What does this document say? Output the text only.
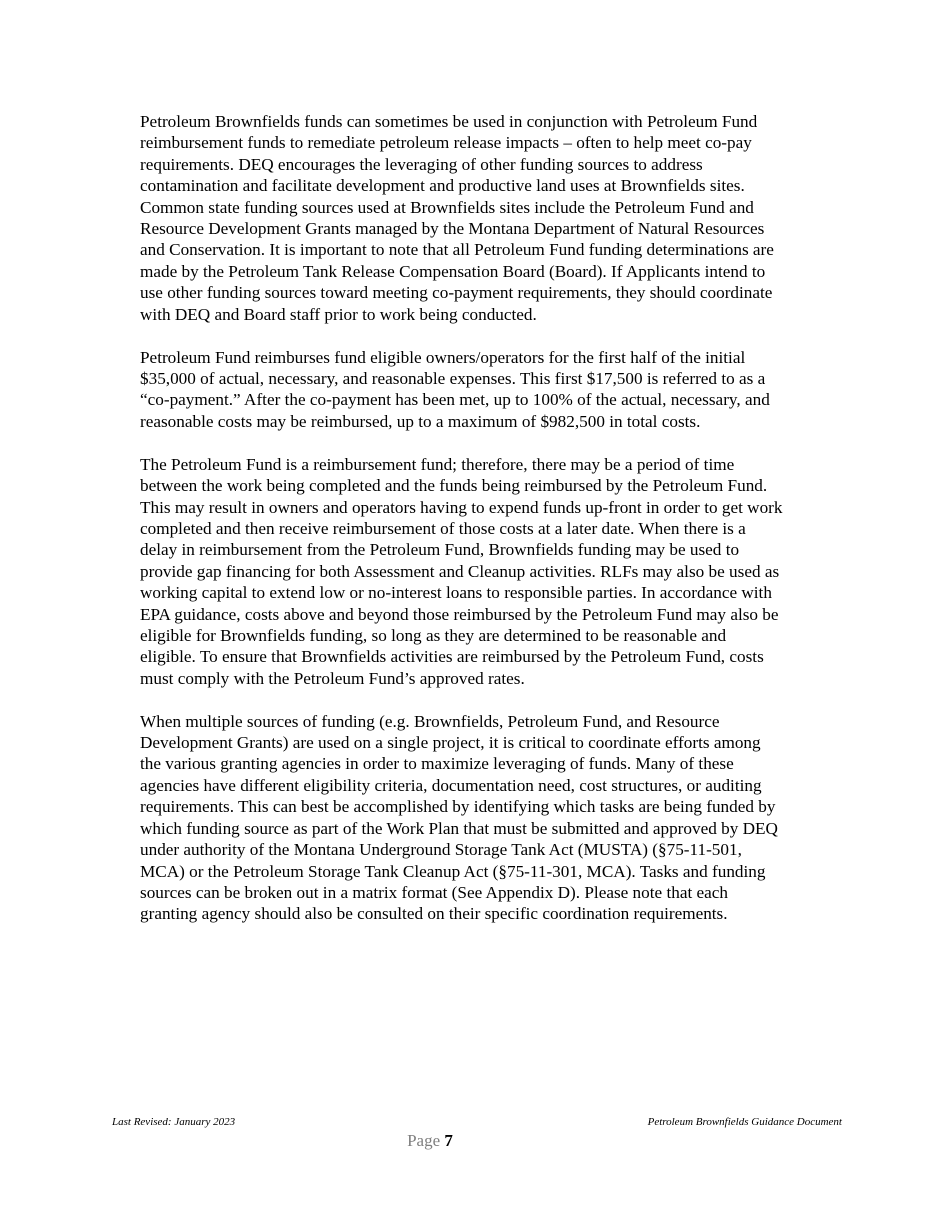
Petroleum Brownfields funds can sometimes be used in conjunction with Petroleum Fund
reimbursement funds to remediate petroleum release impacts – often to help meet co-pay
requirements. DEQ encourages the leveraging of other funding sources to address
contamination and facilitate development and productive land uses at Brownfields sites.
Common state funding sources used at Brownfields sites include the Petroleum Fund and
Resource Development Grants managed by the Montana Department of Natural Resources
and Conservation. It is important to note that all Petroleum Fund funding determinations are
made by the Petroleum Tank Release Compensation Board (Board). If Applicants intend to
use other funding sources toward meeting co-payment requirements, they should coordinate
with DEQ and Board staff prior to work being conducted.

Petroleum Fund reimburses fund eligible owners/operators for the first half of the initial
$35,000 of actual, necessary, and reasonable expenses. This first $17,500 is referred to as a
“co-payment.” After the co-payment has been met, up to 100% of the actual, necessary, and
reasonable costs may be reimbursed, up to a maximum of $982,500 in total costs.

The Petroleum Fund is a reimbursement fund; therefore, there may be a period of time
between the work being completed and the funds being reimbursed by the Petroleum Fund.
This may result in owners and operators having to expend funds up-front in order to get work
completed and then receive reimbursement of those costs at a later date. When there is a
delay in reimbursement from the Petroleum Fund, Brownfields funding may be used to
provide gap financing for both Assessment and Cleanup activities. RLFs may also be used as
working capital to extend low or no-interest loans to responsible parties. In accordance with
EPA guidance, costs above and beyond those reimbursed by the Petroleum Fund may also be
eligible for Brownfields funding, so long as they are determined to be reasonable and
eligible. To ensure that Brownfields activities are reimbursed by the Petroleum Fund, costs
must comply with the Petroleum Fund’s approved rates.

When multiple sources of funding (e.g. Brownfields, Petroleum Fund, and Resource
Development Grants) are used on a single project, it is critical to coordinate efforts among
the various granting agencies in order to maximize leveraging of funds. Many of these
agencies have different eligibility criteria, documentation need, cost structures, or auditing
requirements. This can best be accomplished by identifying which tasks are being funded by
which funding source as part of the Work Plan that must be submitted and approved by DEQ
under authority of the Montana Underground Storage Tank Act (MUSTA) (§75-11-501,
MCA) or the Petroleum Storage Tank Cleanup Act (§75-11-301, MCA). Tasks and funding
sources can be broken out in a matrix format (See Appendix D). Please note that each
granting agency should also be consulted on their specific coordination requirements.

Last Revised: January 2023	Petroleum Brownfields Guidance Document
Page 7
